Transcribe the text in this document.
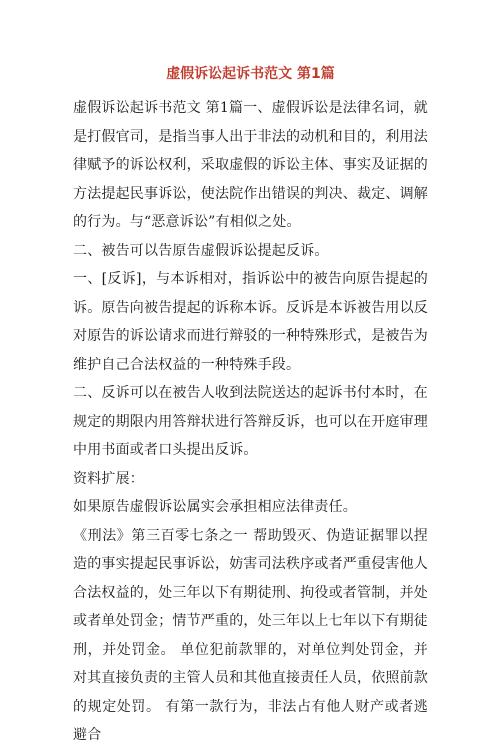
虚假诉讼起诉书范文 第1篇

虚假诉讼起诉书范文 第1篇一、虚假诉讼是法律名词，就是打假官司，是指当事人出于非法的动机和目的，利用法律赋予的诉讼权利，采取虚假的诉讼主体、事实及证据的方法提起民事诉讼，使法院作出错误的判决、裁定、调解的行为。与“恶意诉讼”有相似之处。

二、被告可以告原告虚假诉讼提起反诉。

一、[反诉]，与本诉相对，指诉讼中的被告向原告提起的诉。原告向被告提起的诉称本诉。反诉是本诉被告用以反对原告的诉讼请求而进行辩驳的一种特殊形式，是被告为维护自己合法权益的一种特殊手段。

二、反诉可以在被告人收到法院送达的起诉书付本时，在规定的期限内用答辩状进行答辩反诉，也可以在开庭审理中用书面或者口头提出反诉。

资料扩展：

如果原告虚假诉讼属实会承担相应法律责任。

《刑法》第三百零七条之一 帮助毁灭、伪造证据罪以捏造的事实提起民事诉讼，妨害司法秩序或者严重侵害他人合法权益的，处三年以下有期徒刑、拘役或者管制，并处或者单处罚金；情节严重的，处三年以上七年以下有期徒刑，并处罚金。 单位犯前款罪的，对单位判处罚金，并对其直接负责的主管人员和其他直接责任人员，依照前款的规定处罚。 有第一款行为，非法占有他人财产或者逃避合
